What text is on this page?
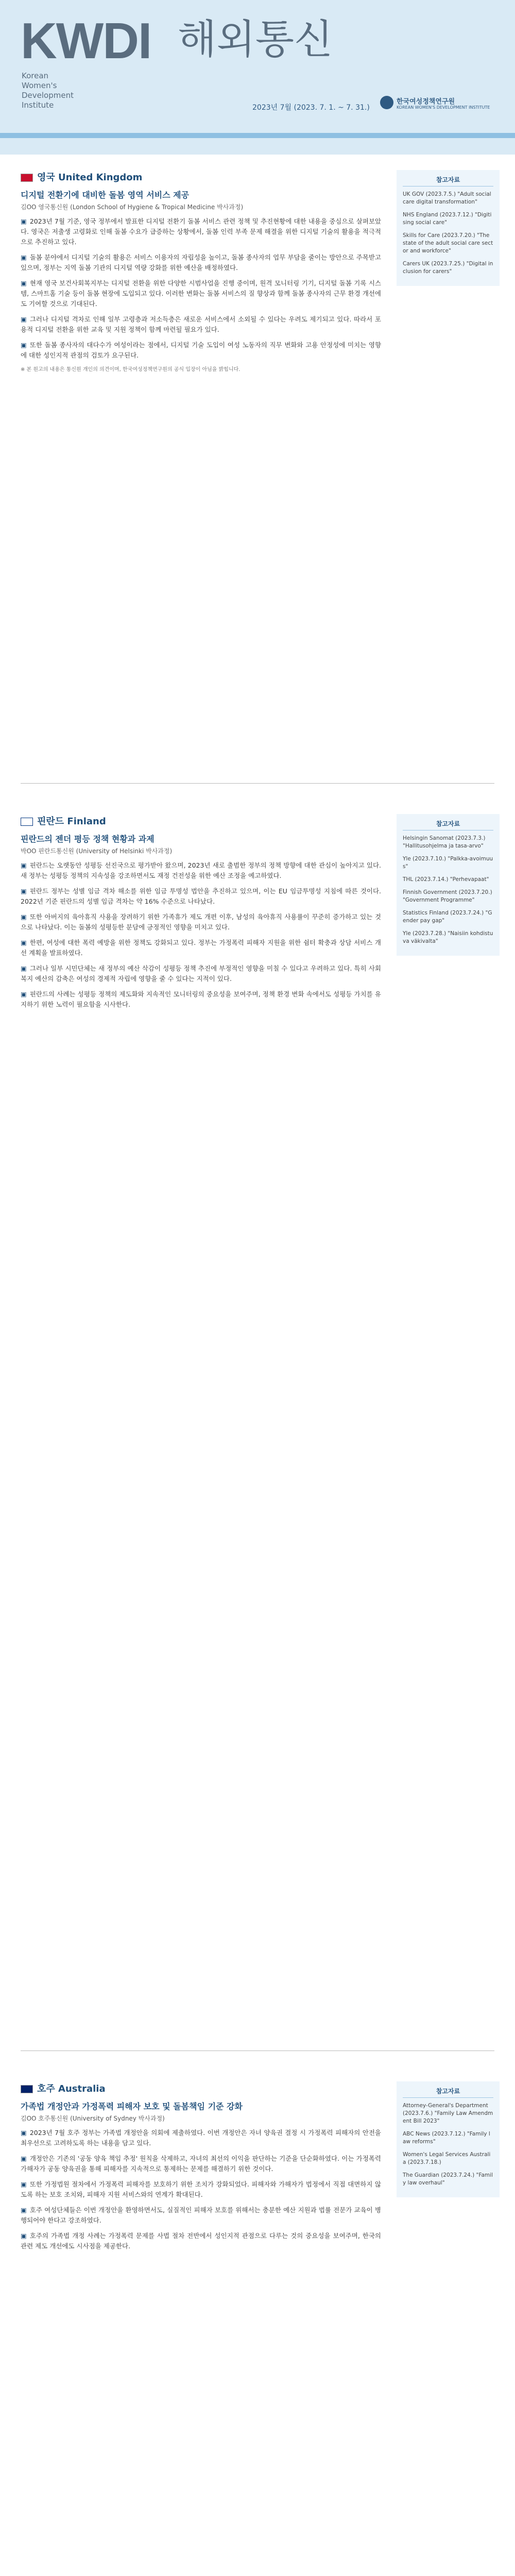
KWDI 해외통신
Korean
Women's
Development
Institute	2023년 7월 (2023. 7. 1. ~ 7. 31.)
한국여성정책연구원
KOREAN WOMEN'S DEVELOPMENT INSTITUTE
영국 United Kingdom
디지털 전환기에 대비한 돌봄 영역 서비스 제공
김OO 영국통신원 (London School of Hygiene & Tropical Medicine 박사과정)

▣ 2023년 7월 기준, 영국 정부에서 발표한 디지털 전환기 돌봄 서비스 관련 정책 및 추진현황에 대한 내용을 중심으로 살펴보았다. 영국은 저출생 고령화로 인해 돌봄 수요가 급증하는 상황에서, 돌봄 인력 부족 문제 해결을 위한 디지털 기술의 활용을 적극적으로 추진하고 있다.

▣ 돌봄 분야에서 디지털 기술의 활용은 서비스 이용자의 자립성을 높이고, 돌봄 종사자의 업무 부담을 줄이는 방안으로 주목받고 있으며, 정부는 지역 돌봄 기관의 디지털 역량 강화를 위한 예산을 배정하였다.

▣ 현재 영국 보건사회복지부는 디지털 전환을 위한 다양한 시범사업을 진행 중이며, 원격 모니터링 기기, 디지털 돌봄 기록 시스템, 스마트홈 기술 등이 돌봄 현장에 도입되고 있다. 이러한 변화는 돌봄 서비스의 질 향상과 함께 돌봄 종사자의 근무 환경 개선에도 기여할 것으로 기대된다.

▣ 그러나 디지털 격차로 인해 일부 고령층과 저소득층은 새로운 서비스에서 소외될 수 있다는 우려도 제기되고 있다. 따라서 포용적 디지털 전환을 위한 교육 및 지원 정책이 함께 마련될 필요가 있다.

▣ 또한 돌봄 종사자의 대다수가 여성이라는 점에서, 디지털 기술 도입이 여성 노동자의 직무 변화와 고용 안정성에 미치는 영향에 대한 성인지적 관점의 검토가 요구된다.

※ 본 원고의 내용은 통신원 개인의 의견이며, 한국여성정책연구원의 공식 입장이 아님을 밝힙니다.
참고자료
UK GOV (2023.7.5.) "Adult social care digital transformation"
NHS England (2023.7.12.) "Digitising social care"
Skills for Care (2023.7.20.) "The state of the adult social care sector and workforce"
Carers UK (2023.7.25.) "Digital inclusion for carers"
핀란드 Finland
핀란드의 젠더 평등 정책 현황과 과제
박OO 핀란드통신원 (University of Helsinki 박사과정)

▣ 핀란드는 오랫동안 성평등 선진국으로 평가받아 왔으며, 2023년 새로 출범한 정부의 정책 방향에 대한 관심이 높아지고 있다. 새 정부는 성평등 정책의 지속성을 강조하면서도 재정 건전성을 위한 예산 조정을 예고하였다.

▣ 핀란드 정부는 성별 임금 격차 해소를 위한 임금 투명성 법안을 추진하고 있으며, 이는 EU 임금투명성 지침에 따른 것이다. 2022년 기준 핀란드의 성별 임금 격차는 약 16% 수준으로 나타났다.

▣ 또한 아버지의 육아휴직 사용을 장려하기 위한 가족휴가 제도 개편 이후, 남성의 육아휴직 사용률이 꾸준히 증가하고 있는 것으로 나타났다. 이는 돌봄의 성평등한 분담에 긍정적인 영향을 미치고 있다.

▣ 한편, 여성에 대한 폭력 예방을 위한 정책도 강화되고 있다. 정부는 가정폭력 피해자 지원을 위한 쉼터 확충과 상담 서비스 개선 계획을 발표하였다.

▣ 그러나 일부 시민단체는 새 정부의 예산 삭감이 성평등 정책 추진에 부정적인 영향을 미칠 수 있다고 우려하고 있다. 특히 사회복지 예산의 감축은 여성의 경제적 자립에 영향을 줄 수 있다는 지적이 있다.

▣ 핀란드의 사례는 성평등 정책의 제도화와 지속적인 모니터링의 중요성을 보여주며, 정책 환경 변화 속에서도 성평등 가치를 유지하기 위한 노력이 필요함을 시사한다.

참고자료
Helsingin Sanomat (2023.7.3.) "Hallitusohjelma ja tasa-arvo"
Yle (2023.7.10.) "Palkka-avoimuus"
THL (2023.7.14.) "Perhevapaat"
Finnish Government (2023.7.20.) "Government Programme"
Statistics Finland (2023.7.24.) "Gender pay gap"
Yle (2023.7.28.) "Naisiin kohdistuva väkivalta"
호주 Australia
가족법 개정안과 가정폭력 피해자 보호 및 돌봄책임 기준 강화
김OO 호주통신원 (University of Sydney 박사과정)

▣ 2023년 7월 호주 정부는 가족법 개정안을 의회에 제출하였다. 이번 개정안은 자녀 양육권 결정 시 가정폭력 피해자의 안전을 최우선으로 고려하도록 하는 내용을 담고 있다.

▣ 개정안은 기존의 '공동 양육 책임 추정' 원칙을 삭제하고, 자녀의 최선의 이익을 판단하는 기준을 단순화하였다. 이는 가정폭력 가해자가 공동 양육권을 통해 피해자를 지속적으로 통제하는 문제를 해결하기 위한 것이다.

▣ 또한 가정법원 절차에서 가정폭력 피해자를 보호하기 위한 조치가 강화되었다. 피해자와 가해자가 법정에서 직접 대면하지 않도록 하는 보호 조치와, 피해자 지원 서비스와의 연계가 확대된다.

▣ 호주 여성단체들은 이번 개정안을 환영하면서도, 실질적인 피해자 보호를 위해서는 충분한 예산 지원과 법률 전문가 교육이 병행되어야 한다고 강조하였다.

▣ 호주의 가족법 개정 사례는 가정폭력 문제를 사법 절차 전반에서 성인지적 관점으로 다루는 것의 중요성을 보여주며, 한국의 관련 제도 개선에도 시사점을 제공한다.

참고자료
Attorney-General's Department (2023.7.6.) "Family Law Amendment Bill 2023"
ABC News (2023.7.12.) "Family law reforms"
Women's Legal Services Australia (2023.7.18.)
The Guardian (2023.7.24.) "Family law overhaul"
